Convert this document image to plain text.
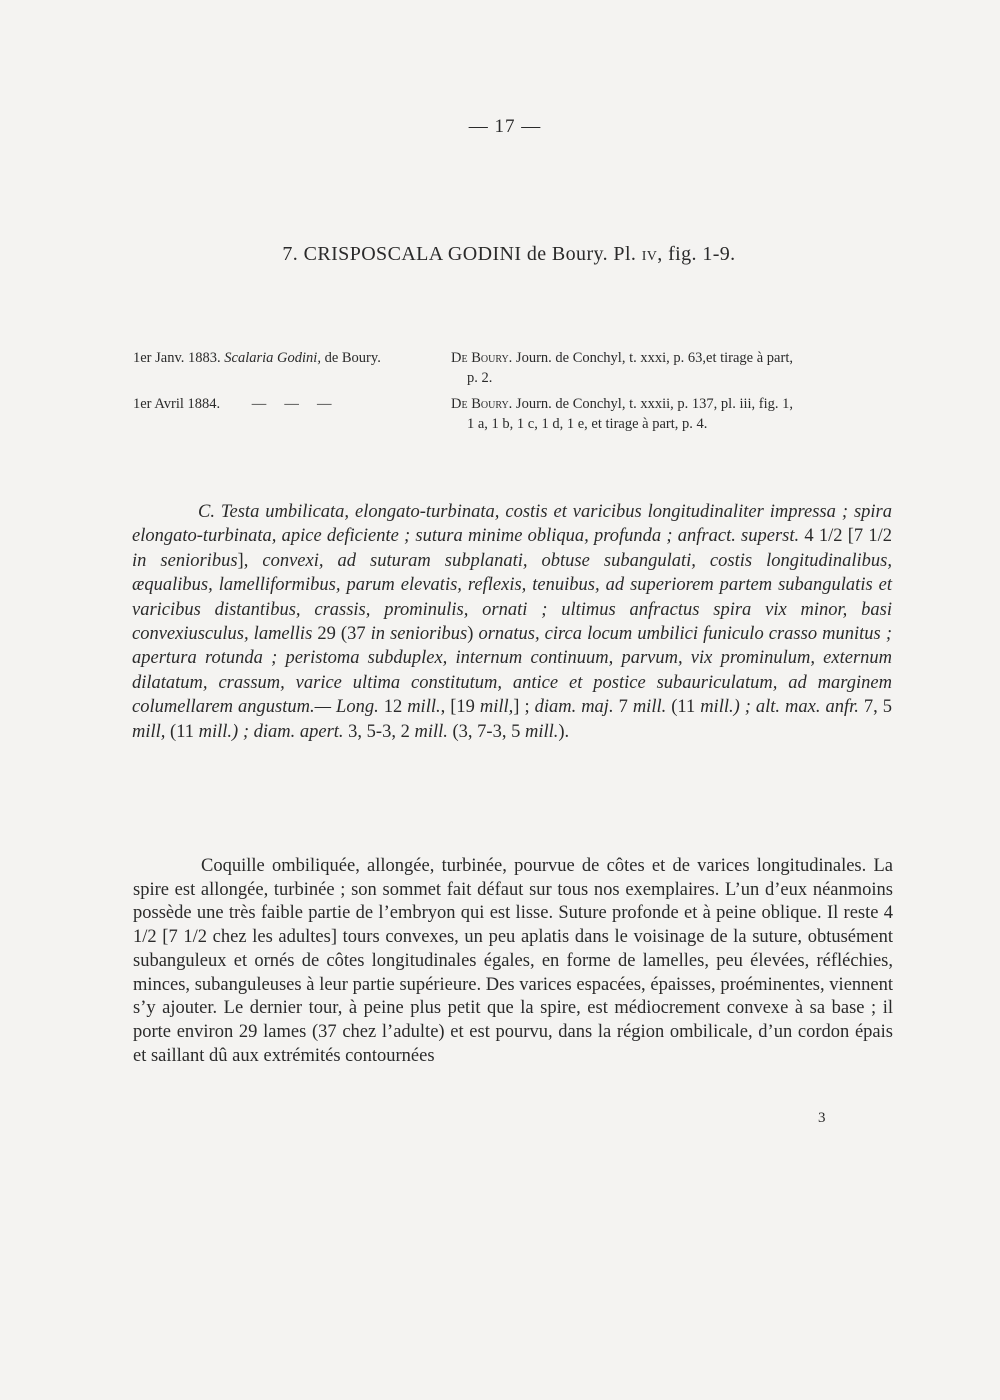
— 17 —
7. CRISPOSCALA GODINI de Boury. Pl. iv, fig. 1-9.
1er Janv. 1883. Scalaria Godini, de Boury.	De Boury. Journ. de Conchyl, t. xxxi, p. 63,et tirage à part,
p. 2.
1er Avril 1884. —     —     —	De Boury. Journ. de Conchyl, t. xxxii, p. 137, pl. iii, fig. 1,
1 a, 1 b, 1 c, 1 d, 1 e, et tirage à part, p. 4.

C. Testa umbilicata, elongato-turbinata, costis et varicibus longitudinaliter impressa ; spira elongato-turbinata, apice deficiente ; sutura minime obliqua, profunda ; anfract. superst. 4 1/2 [7 1/2 in senioribus], convexi, ad suturam subplanati, obtuse subangulati, costis longitudinalibus, æqualibus, lamelliformibus, parum elevatis, reflexis, tenuibus, ad superiorem partem subangulatis et varicibus distantibus, crassis, prominulis, ornati ; ultimus anfractus spira vix minor, basi convexiusculus, lamellis 29 (37 in senioribus) ornatus, circa locum umbilici funiculo crasso munitus ; apertura rotunda ; peristoma subduplex, internum continuum, parvum, vix prominulum, externum dilatatum, crassum, varice ultima constitutum, antice et postice subauriculatum, ad marginem columellarem angustum.— Long. 12 mill., [19 mill,] ; diam. maj. 7 mill. (11 mill.) ; alt. max. anfr. 7, 5 mill, (11 mill.) ; diam. apert. 3, 5-3, 2 mill. (3, 7-3, 5 mill.).

Coquille ombiliquée, allongée, turbinée, pourvue de côtes et de varices longitudinales. La spire est allongée, turbinée ; son sommet fait défaut sur tous nos exemplaires. L’un d’eux néanmoins possède une très faible partie de l’embryon qui est lisse. Suture profonde et à peine oblique. Il reste 4 1/2 [7 1/2 chez les adultes] tours convexes, un peu aplatis dans le voisinage de la suture, obtusément subanguleux et ornés de côtes longitudinales égales, en forme de lamelles, peu élevées, réfléchies, minces, subanguleuses à leur partie supérieure. Des varices espacées, épaisses, proéminentes, viennent s’y ajouter. Le dernier tour, à peine plus petit que la spire, est médiocrement convexe à sa base ; il porte environ 29 lames (37 chez l’adulte) et est pourvu, dans la région ombilicale, d’un cordon épais et saillant dû aux extrémités contournées

3
